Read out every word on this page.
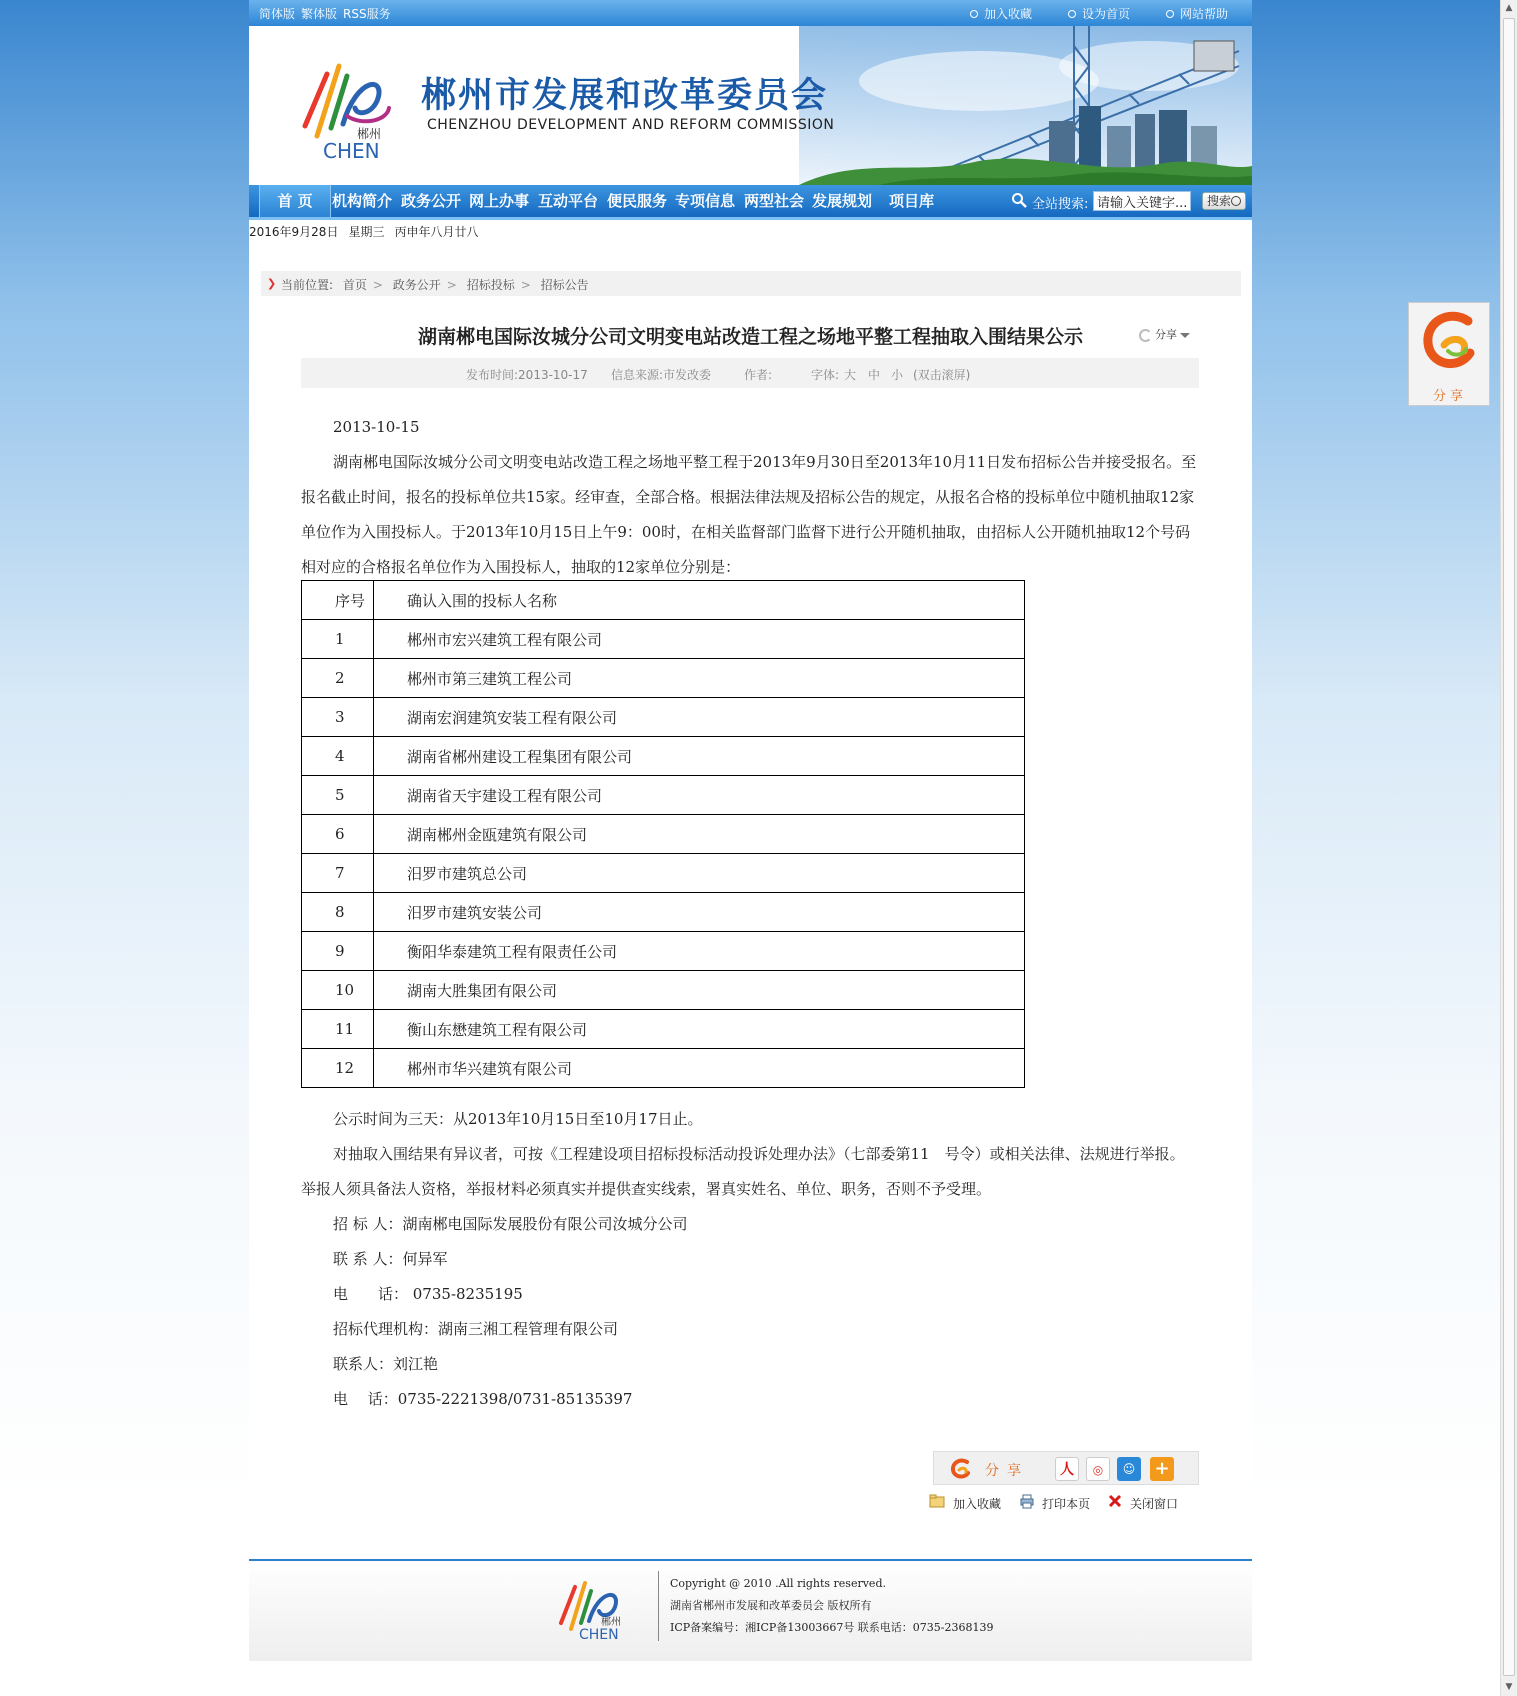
▲
▼
简体版 繁体版 RSS服务	加入收藏	设为首页	网站帮助
郴州
CHEN
郴州市发展和改革委员会
CHENZHOU DEVELOPMENT AND REFORM COMMISSION
首 页	机构简介 政务公开 网上办事 互动平台 便民服务 专项信息 两型社会 发展规划 项目库	全站搜索:
请输入关键字...	搜索
2016年9月28日 星期三 丙申年八月廿八
❯ 当前位置: 首页 > 政务公开 > 招标投标 > 招标公告
湖南郴电国际汝城分公司文明变电站改造工程之场地平整工程抽取入围结果公示	分享
发布时间:2013-10-17 信息来源:市发改委	作者:	字体: 大 中 小 (双击滚屏)

2013-10-15

湖南郴电国际汝城分公司文明变电站改造工程之场地平整工程于2013年9月30日至2013年10月11日发布招标公告并接受报名。至报名截止时间，报名的投标单位共15家。经审查，全部合格。根据法律法规及招标公告的规定，从报名合格的投标单位中随机抽取12家单位作为入围投标人。于2013年10月15日上午9：00时，在相关监督部门监督下进行公开随机抽取，由招标人公开随机抽取12个号码相对应的合格报名单位作为入围投标人，抽取的12家单位分别是：

序号	确认入围的投标人名称
1	郴州市宏兴建筑工程有限公司
2	郴州市第三建筑工程公司
3	湖南宏润建筑安装工程有限公司
4	湖南省郴州建设工程集团有限公司
5	湖南省天宇建设工程有限公司
6	湖南郴州金瓯建筑有限公司
7	汨罗市建筑总公司
8	汨罗市建筑安装公司
9	衡阳华泰建筑工程有限责任公司
10	湖南大胜集团有限公司
11	衡山东懋建筑工程有限公司
12	郴州市华兴建筑有限公司

公示时间为三天：从2013年10月15日至10月17日止。

对抽取入围结果有异议者，可按《工程建设项目招标投标活动投诉处理办法》（七部委第11　号令）或相关法律、法规进行举报。举报人须具备法人资格，举报材料必须真实并提供查实线索，署真实姓名、单位、职务，否则不予受理。

招 标 人：湖南郴电国际发展股份有限公司汝城分公司

联 系 人：何异军

电　　话： 0735-8235195

招标代理机构：湖南三湘工程管理有限公司

联系人：刘江艳

电　 话：0735-2221398/0731-85135397

分享	人	◎	☺	+
加入收藏	打印本页	关闭窗口
郴州
CHEN
Copyright @ 2010 .All rights reserved.
湖南省郴州市发展和改革委员会 版权所有
ICP备案编号：湘ICP备13003667号 联系电话：0735-2368139
分享
